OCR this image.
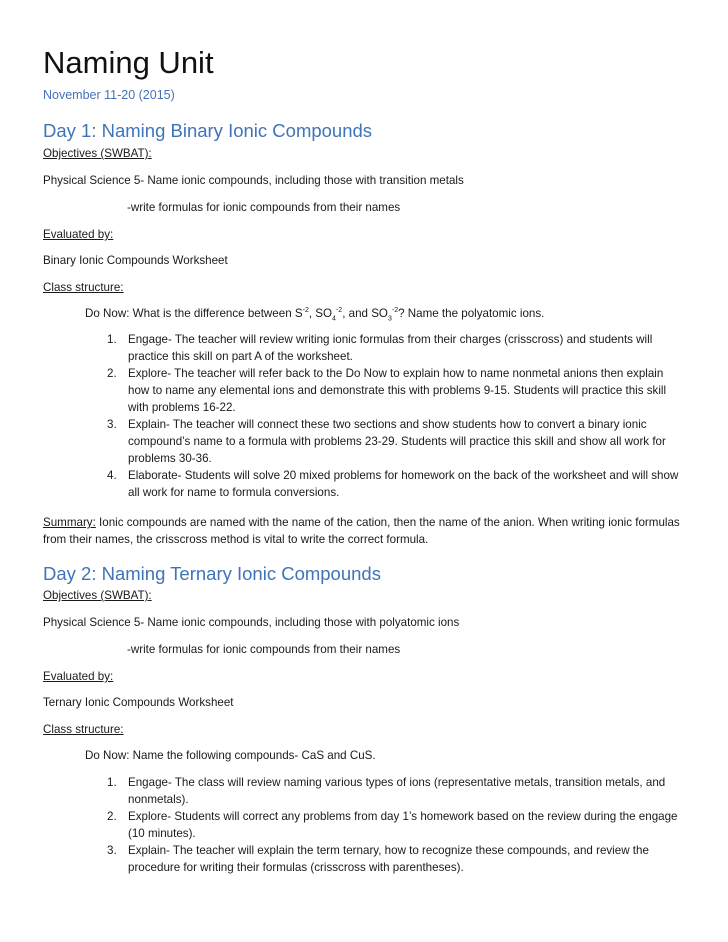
Naming Unit
November 11-20 (2015)
Day 1: Naming Binary Ionic Compounds
Objectives (SWBAT):
Physical Science 5- Name ionic compounds, including those with transition metals
-write formulas for ionic compounds from their names
Evaluated by:
Binary Ionic Compounds Worksheet
Class structure:
Do Now: What is the difference between $S^{-2}$, $SO_4^{-2}$, and $SO_3^{-2}$? Name the polyatomic ions.
1. Engage- The teacher will review writing ionic formulas from their charges (crisscross) and students will practice this skill on part A of the worksheet.
2. Explore- The teacher will refer back to the Do Now to explain how to name nonmetal anions then explain how to name any elemental ions and demonstrate this with problems 9-15. Students will practice this skill with problems 16-22.
3. Explain- The teacher will connect these two sections and show students how to convert a binary ionic compound’s name to a formula with problems 23-29. Students will practice this skill and show all work for problems 30-36.
4. Elaborate- Students will solve 20 mixed problems for homework on the back of the worksheet and will show all work for name to formula conversions.
Summary: Ionic compounds are named with the name of the cation, then the name of the anion. When writing ionic formulas from their names, the crisscross method is vital to write the correct formula.
Day 2: Naming Ternary Ionic Compounds
Objectives (SWBAT):
Physical Science 5- Name ionic compounds, including those with polyatomic ions
-write formulas for ionic compounds from their names
Evaluated by:
Ternary Ionic Compounds Worksheet
Class structure:
Do Now: Name the following compounds- CaS and CuS.
1. Engage- The class will review naming various types of ions (representative metals, transition metals, and nonmetals).
2. Explore- Students will correct any problems from day 1’s homework based on the review during the engage (10 minutes).
3. Explain- The teacher will explain the term ternary, how to recognize these compounds, and review the procedure for writing their formulas (crisscross with parentheses).
